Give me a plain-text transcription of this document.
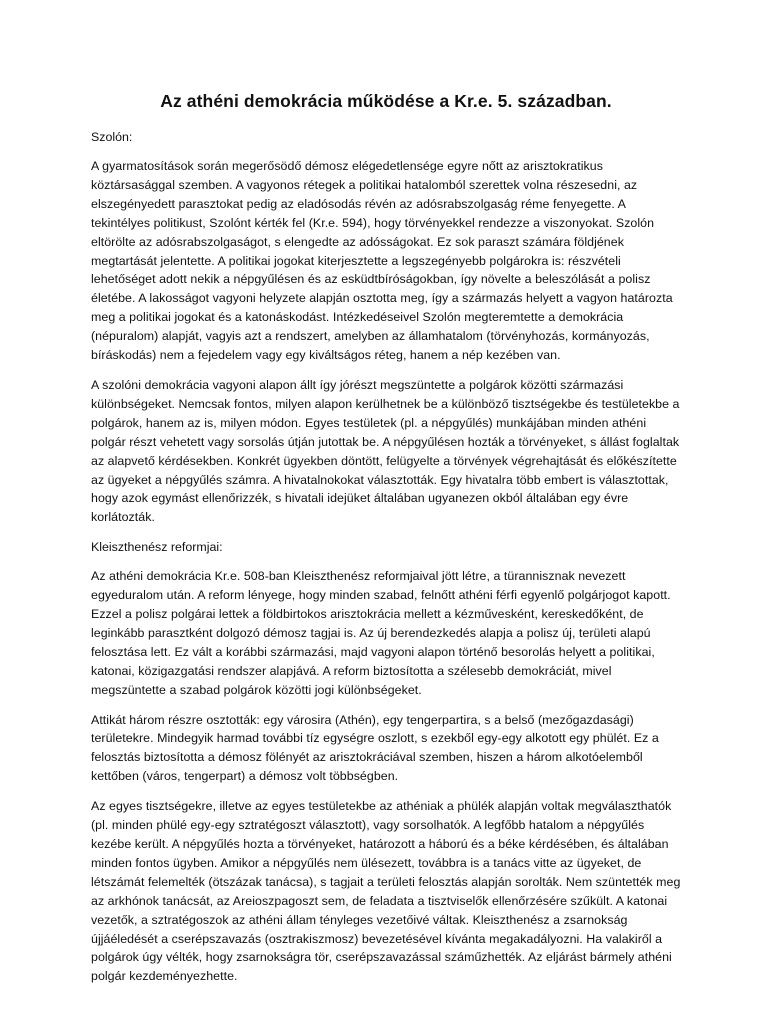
Az athéni demokrácia működése a Kr.e. 5. században.

Szolón:

A gyarmatosítások során megerősödő démosz elégedetlensége egyre nőtt az arisztokratikus köztársasággal szemben. A vagyonos rétegek a politikai hatalomból szerettek volna részesedni, az elszegényedett parasztokat pedig az eladósodás révén az adósrabszolgaság réme fenyegette. A tekintélyes politikust, Szolónt kérték fel (Kr.e. 594), hogy törvényekkel rendezze a viszonyokat. Szolón eltörölte az adósrabszolgaságot, s elengedte az adósságokat. Ez sok paraszt számára földjének megtartását jelentette. A politikai jogokat kiterjesztette a legszegényebb polgárokra is: részvételi lehetőséget adott nekik a népgyűlésen és az esküdtbíróságokban, így növelte a beleszólását a polisz életébe. A lakosságot vagyoni helyzete alapján osztotta meg, így a származás helyett a vagyon határozta meg a politikai jogokat és a katonáskodást. Intézkedéseivel Szolón megteremtette a demokrácia (népuralom) alapját, vagyis azt a rendszert, amelyben az államhatalom (törvényhozás, kormányozás, bíráskodás) nem a fejedelem vagy egy kiváltságos réteg, hanem a nép kezében van.

A szolóni demokrácia vagyoni alapon állt így jórészt megszüntette a polgárok közötti származási különbségeket. Nemcsak fontos, milyen alapon kerülhetnek be a különböző tisztségekbe és testületekbe a polgárok, hanem az is, milyen módon. Egyes testületek (pl. a népgyűlés) munkájában minden athéni polgár részt vehetett vagy sorsolás útján jutottak be. A népgyűlésen hozták a törvényeket, s állást foglaltak az alapvető kérdésekben. Konkrét ügyekben döntött, felügyelte a törvények végrehajtását és előkészítette az ügyeket a népgyűlés számra. A hivatalnokokat választották. Egy hivatalra több embert is választottak, hogy azok egymást ellenőrizzék, s hivatali idejüket általában ugyanezen okból általában egy évre korlátozták.

Kleiszthenész reformjai:

Az athéni demokrácia Kr.e. 508-ban Kleiszthenész reformjaival jött létre, a türannisznak nevezett egyeduralom után. A reform lényege, hogy minden szabad, felnőtt athéni férfi egyenlő polgárjogot kapott. Ezzel a polisz polgárai lettek a földbirtokos arisztokrácia mellett a kézművesként, kereskedőként, de leginkább parasztként dolgozó démosz tagjai is. Az új berendezkedés alapja a polisz új, területi alapú felosztása lett. Ez vált a korábbi származási, majd vagyoni alapon történő besorolás helyett a politikai, katonai, közigazgatási rendszer alapjává. A reform biztosította a szélesebb demokráciát, mivel megszüntette a szabad polgárok közötti jogi különbségeket.

Attikát három részre osztották: egy városira (Athén), egy tengerpartira, s a belső (mezőgazdasági) területekre. Mindegyik harmad további tíz egységre oszlott, s ezekből egy-egy alkotott egy phülét. Ez a felosztás biztosította a démosz fölényét az arisztokráciával szemben, hiszen a három alkotóelemből kettőben (város, tengerpart) a démosz volt többségben.

Az egyes tisztségekre, illetve az egyes testületekbe az athéniak a phülék alapján voltak megválaszthatók (pl. minden phülé egy-egy sztratégoszt választott), vagy sorsolhatók. A legfőbb hatalom a népgyűlés kezébe került. A népgyűlés hozta a törvényeket, határozott a háború és a béke kérdésében, és általában minden fontos ügyben. Amikor a népgyűlés nem ülésezett, továbbra is a tanács vitte az ügyeket, de létszámát felemelték (ötszázak tanácsa), s tagjait a területi felosztás alapján sorolták. Nem szüntették meg az arkhónok tanácsát, az Areioszpagoszt sem, de feladata a tisztviselők ellenőrzésére szűkült. A katonai vezetők, a sztratégoszok az athéni állam tényleges vezetőivé váltak. Kleiszthenész a zsarnokság újjáéledését a cserépszavazás (osztrakiszmosz) bevezetésével kívánta megakadályozni. Ha valakiről a polgárok úgy vélték, hogy zsarnokságra tör, cserépszavazással száműzhették. Az eljárást bármely athéni polgár kezdeményezhette.
